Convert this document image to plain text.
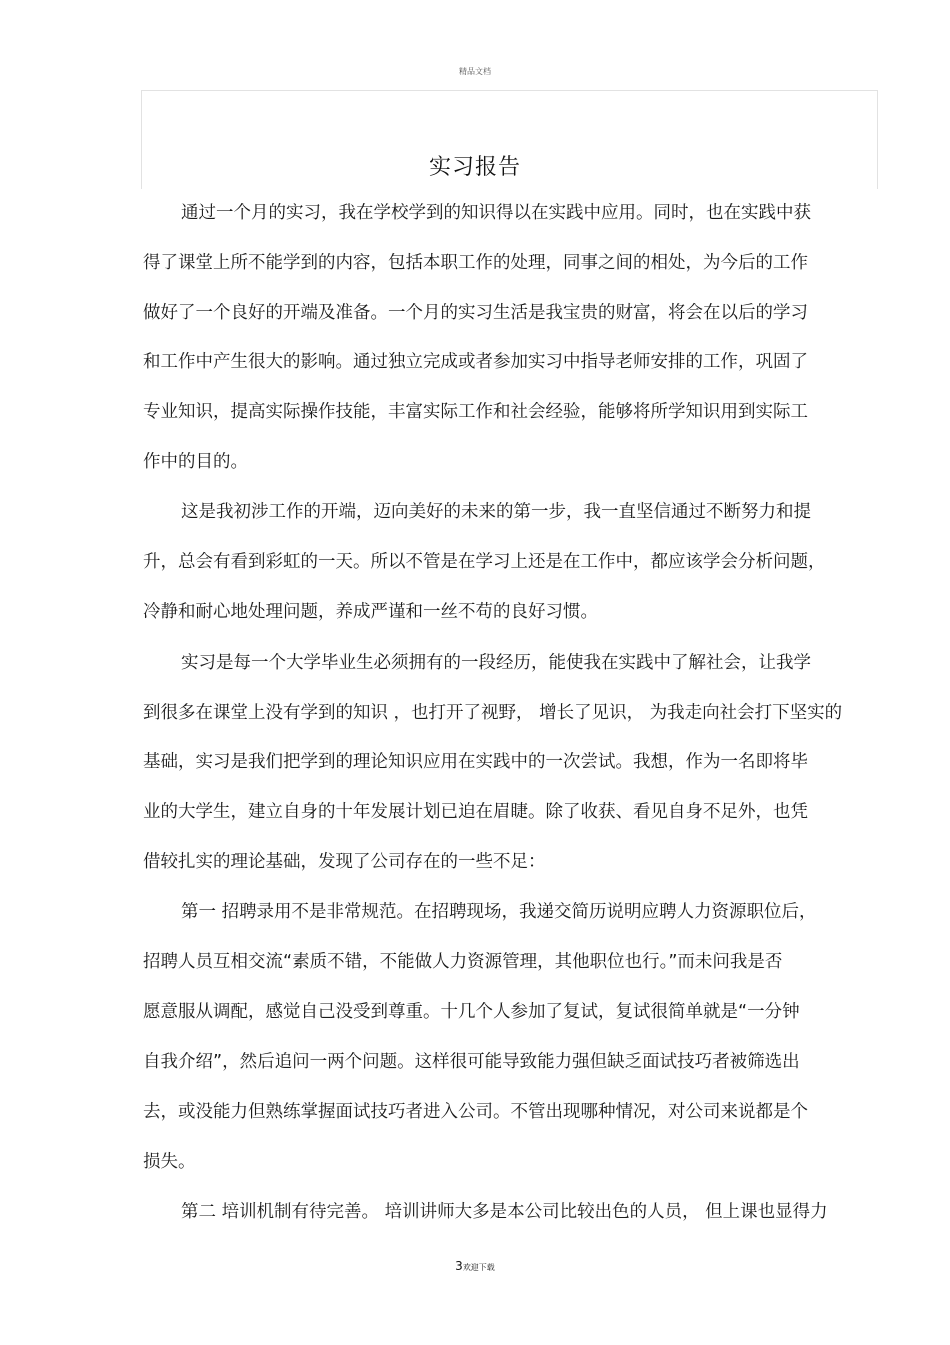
精品文档
实习报告
通过一个月的实习，我在学校学到的知识得以在实践中应用。同时，也在实践中获
得了课堂上所不能学到的内容，包括本职工作的处理，同事之间的相处，为今后的工作
做好了一个良好的开端及准备。一个月的实习生活是我宝贵的财富，将会在以后的学习
和工作中产生很大的影响。通过独立完成或者参加实习中指导老师安排的工作，巩固了
专业知识，提高实际操作技能，丰富实际工作和社会经验，能够将所学知识用到实际工
作中的目的。
这是我初涉工作的开端，迈向美好的未来的第一步，我一直坚信通过不断努力和提
升，总会有看到彩虹的一天。所以不管是在学习上还是在工作中，都应该学会分析问题，
冷静和耐心地处理问题，养成严谨和一丝不苟的良好习惯。
实习是每一个大学毕业生必须拥有的一段经历，能使我在实践中了解社会，让我学
到很多在课堂上没有学到的知识 ，也打开了视野， 增长了见识， 为我走向社会打下坚实的
基础，实习是我们把学到的理论知识应用在实践中的一次尝试。我想，作为一名即将毕
业的大学生，建立自身的十年发展计划已迫在眉睫。除了收获、看见自身不足外，也凭
借较扎实的理论基础，发现了公司存在的一些不足：
第一 招聘录用不是非常规范。在招聘现场，我递交简历说明应聘人力资源职位后，
招聘人员互相交流“素质不错，不能做人力资源管理，其他职位也行。”而未问我是否
愿意服从调配，感觉自己没受到尊重。十几个人参加了复试，复试很简单就是“一分钟
自我介绍”，然后追问一两个问题。这样很可能导致能力强但缺乏面试技巧者被筛选出
去，或没能力但熟练掌握面试技巧者进入公司。不管出现哪种情况，对公司来说都是个
损失。
第二 培训机制有待完善。 培训讲师大多是本公司比较出色的人员， 但上课也显得力
3欢迎下载
